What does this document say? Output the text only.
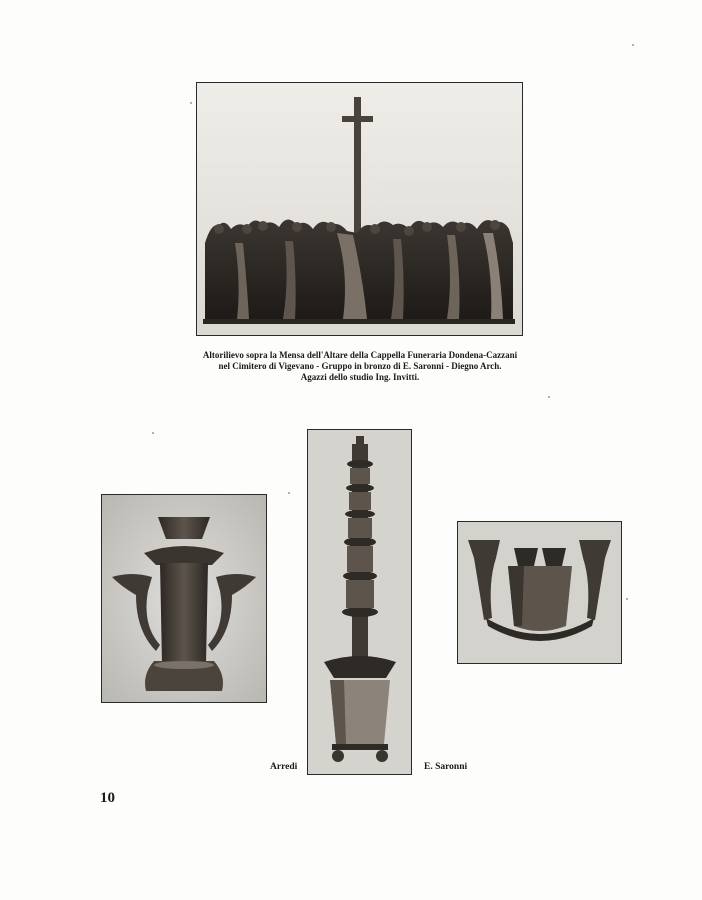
Altorilievo sopra la Mensa dell'Altare della Cappella Funeraria Dondena-Cazzani
nel Cimitero di Vigevano - Gruppo in bronzo di E. Saronni - Diegno Arch.
Agazzi dello studio Ing. Invitti.
Arredi	E. Saronni
10
